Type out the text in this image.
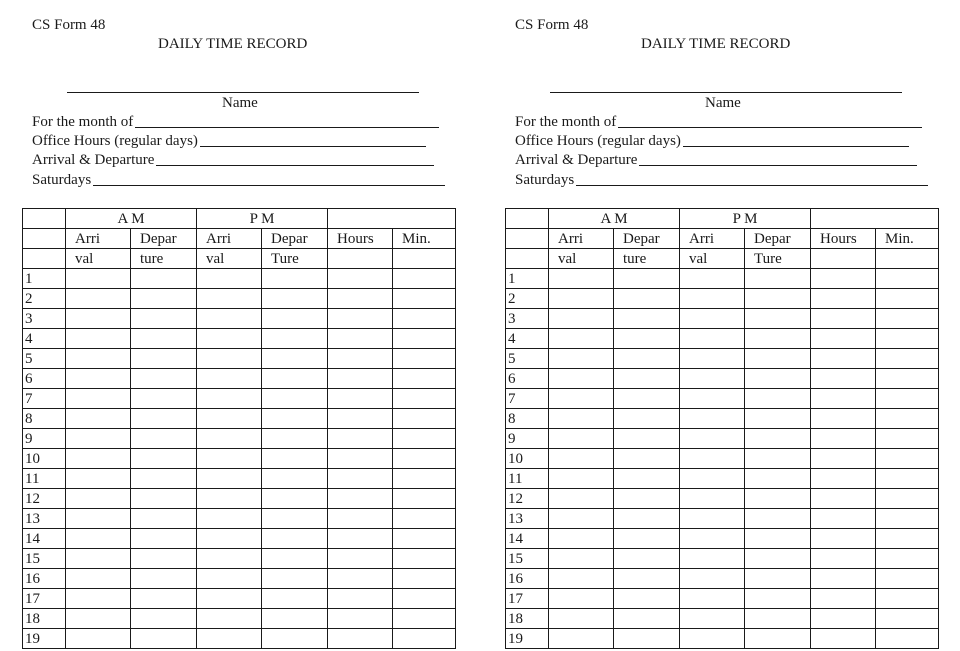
CS Form 48
DAILY TIME RECORD
Name
For the month of
Office Hours (regular days)
Arrival & Departure
Saturdays
	A M		P M			
	Arri	Depar	Arri	Depar	Hours	Min.
	val	ture	val	Ture		
1						
2						
3						
4						
5						
6						
7						
8						
9						
10						
11						
12						
13						
14						
15						
16						
17						
18						
19						
CS Form 48
DAILY TIME RECORD
Name
For the month of
Office Hours (regular days)
Arrival & Departure
Saturdays
	A M		P M			
	Arri	Depar	Arri	Depar	Hours	Min.
	val	ture	val	Ture		
1						
2						
3						
4						
5						
6						
7						
8						
9						
10						
11						
12						
13						
14						
15						
16						
17						
18						
19						
